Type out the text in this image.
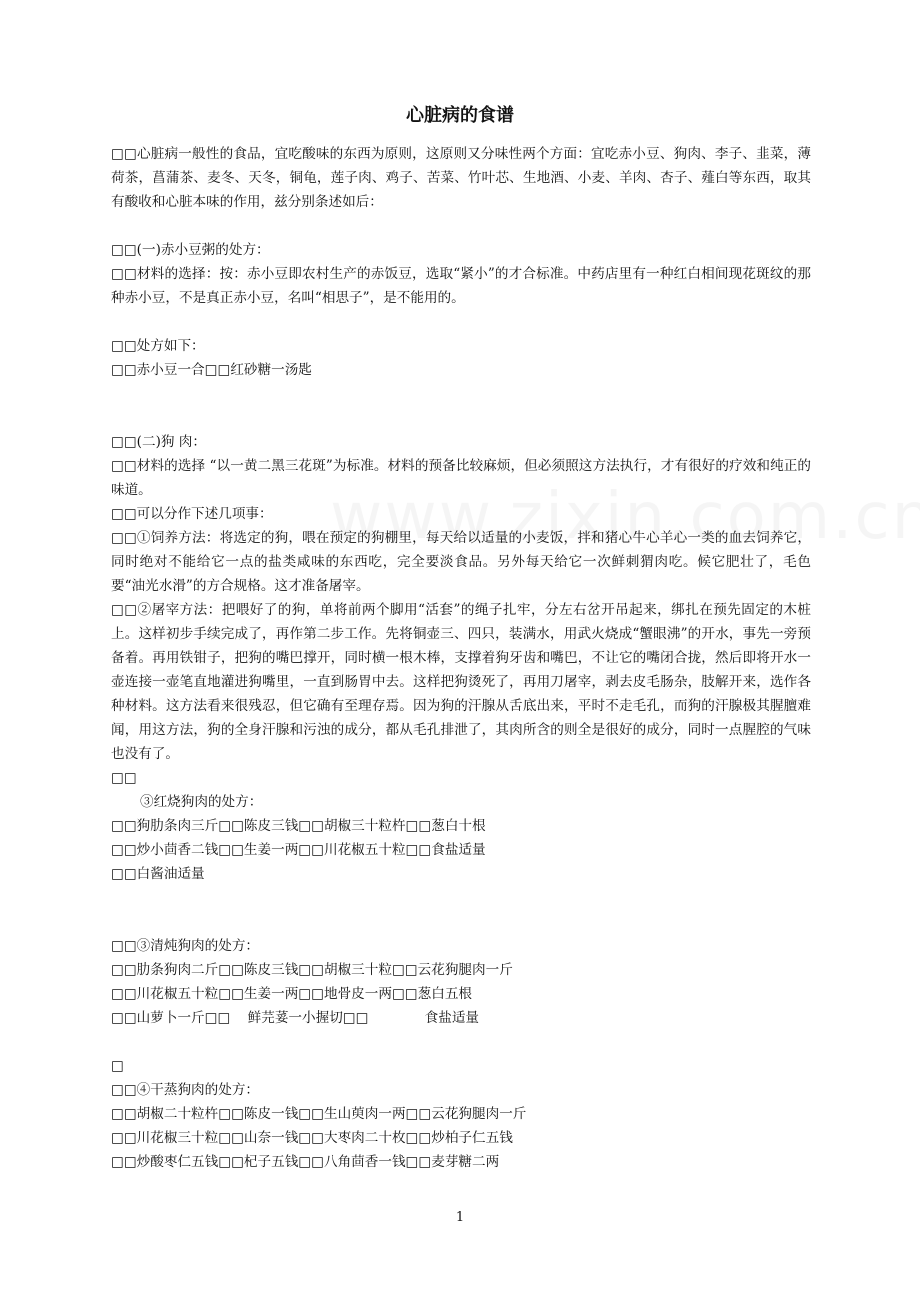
心脏病的食谱

□□心脏病一般性的食品，宜吃酸味的东西为原则，这原则又分味性两个方面：宜吃赤小豆、狗肉、李子、韭菜，薄荷茶，菖蒲茶、麦冬、天冬，铜龟，莲子肉、鸡子、苦菜、竹叶芯、生地酒、小麦、羊肉、杏子、薤白等东西，取其有酸收和心脏本味的作用，兹分别条述如后：

□□(一)赤小豆粥的处方：

□□材料的选择：按：赤小豆即农村生产的赤饭豆，选取“紧小”的才合标准。中药店里有一种红白相间现花斑纹的那种赤小豆，不是真正赤小豆，名叫“相思子”，是不能用的。

□□处方如下：

□□赤小豆一合□□红砂糖一汤匙

□□(二)狗 肉：

□□材料的选择 “以一黄二黑三花斑”为标准。材料的预备比较麻烦，但必须照这方法执行，才有很好的疗效和纯正的味道。

□□可以分作下述几项事：

□□①饲养方法：将选定的狗，喂在预定的狗棚里，每天给以适量的小麦饭，拌和猪心牛心羊心一类的血去饲养它，同时绝对不能给它一点的盐类咸味的东西吃，完全要淡食品。另外每天给它一次鲜刺猬肉吃。候它肥壮了，毛色要“油光水滑”的方合规格。这才准备屠宰。

□□②屠宰方法：把喂好了的狗，单将前两个脚用“活套”的绳子扎牢，分左右岔开吊起来，绑扎在预先固定的木桩上。这样初步手续完成了，再作第二步工作。先将铜壶三、四只，装满水，用武火烧成“蟹眼沸”的开水，事先一旁预备着。再用铁钳子，把狗的嘴巴撑开，同时横一根木棒，支撑着狗牙齿和嘴巴，不让它的嘴闭合拢，然后即将开水一壶连接一壶笔直地灌进狗嘴里，一直到肠胃中去。这样把狗烫死了，再用刀屠宰，剥去皮毛肠杂，肢解开来，选作各种材料。这方法看来很残忍，但它确有至理存焉。因为狗的汗腺从舌底出来，平时不走毛孔，而狗的汗腺极其腥膻难闻，用这方法，狗的全身汗腺和污浊的成分，都从毛孔排泄了，其肉所含的则全是很好的成分，同时一点腥腔的气味也没有了。

□□

③红烧狗肉的处方：

□□狗肋条肉三斤□□陈皮三钱□□胡椒三十粒杵□□葱白十根

□□炒小茴香二钱□□生姜一两□□川花椒五十粒□□食盐适量

□□白酱油适量

□□③清炖狗肉的处方：

□□肋条狗肉二斤□□陈皮三钱□□胡椒三十粒□□云花狗腿肉一斤

□□川花椒五十粒□□生姜一两□□地骨皮一两□□葱白五根

□□山萝卜一斤□□    鲜芫荽一小握切□□             食盐适量

□

□□④干蒸狗肉的处方：

□□胡椒二十粒杵□□陈皮一钱□□生山萸肉一两□□云花狗腿肉一斤

□□川花椒三十粒□□山奈一钱□□大枣肉二十枚□□炒柏子仁五钱

□□炒酸枣仁五钱□□杞子五钱□□八角茴香一钱□□麦芽糖二两

1
